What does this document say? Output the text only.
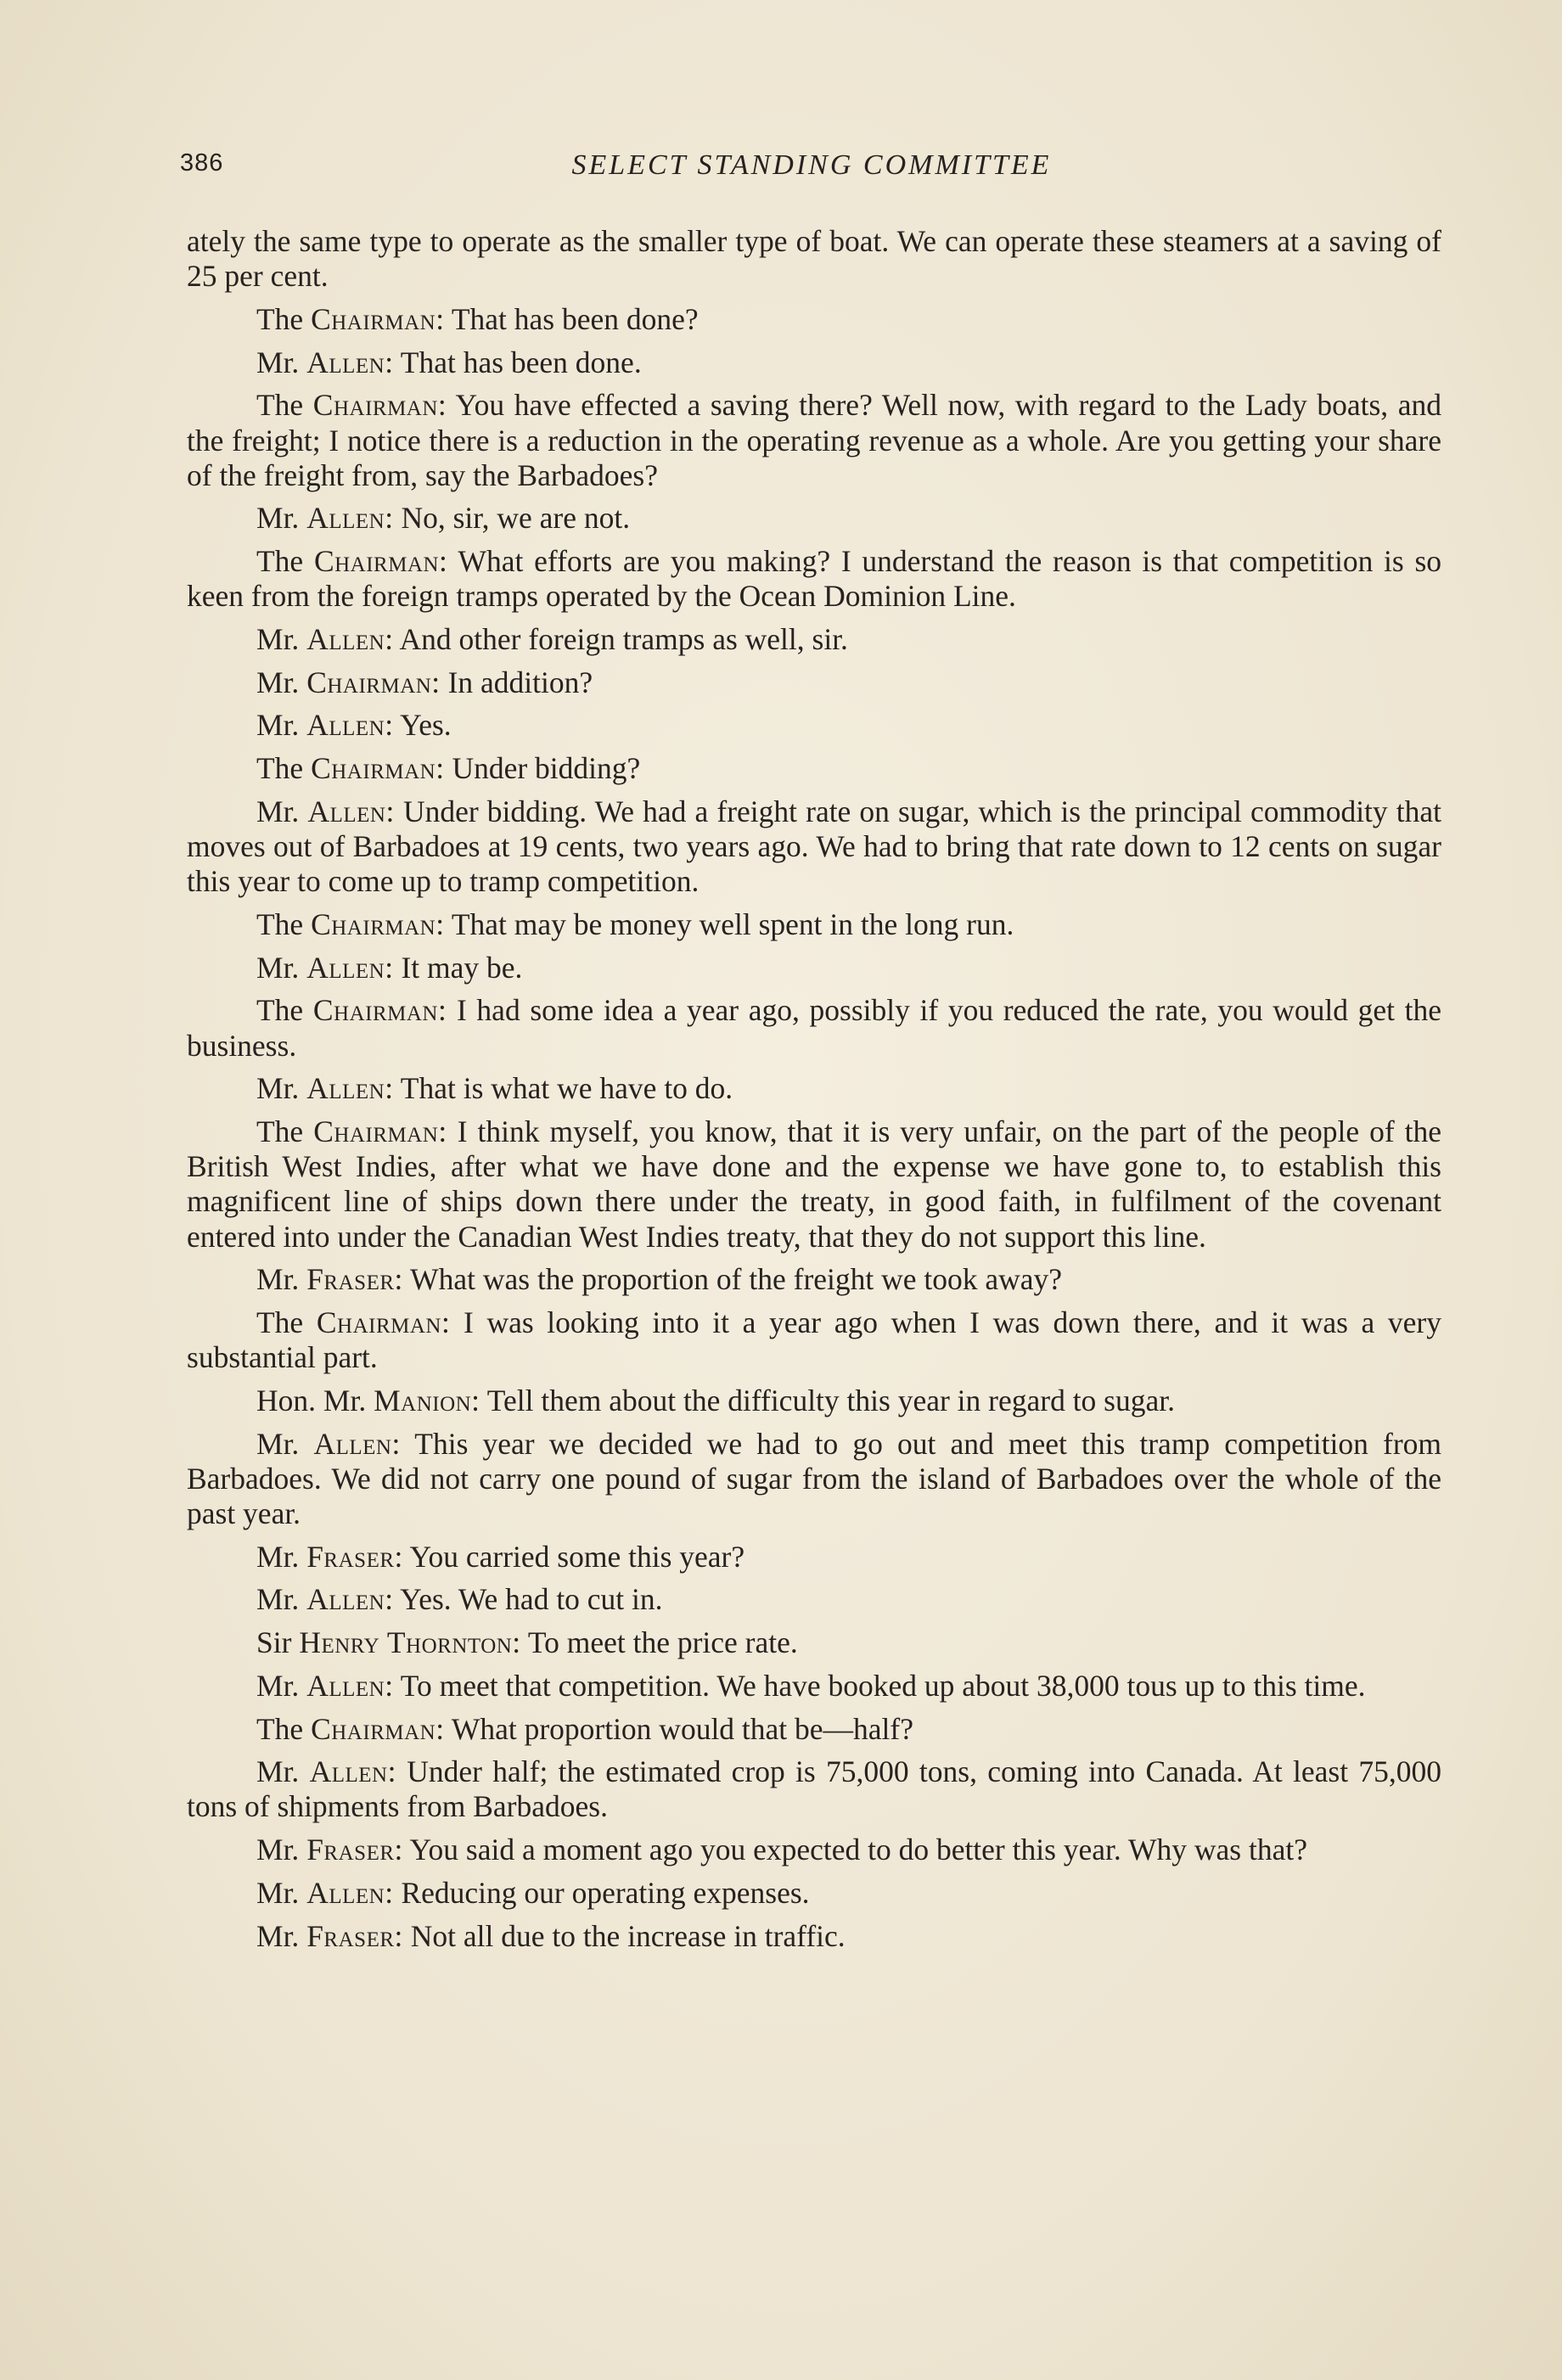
386	SELECT STANDING COMMITTEE

ately the same type to operate as the smaller type of boat. We can operate these steamers at a saving of 25 per cent.

The Chairman: That has been done?

Mr. Allen: That has been done.

The Chairman: You have effected a saving there? Well now, with regard to the Lady boats, and the freight; I notice there is a reduction in the operating revenue as a whole. Are you getting your share of the freight from, say the Barbadoes?

Mr. Allen: No, sir, we are not.

The Chairman: What efforts are you making? I understand the reason is that competition is so keen from the foreign tramps operated by the Ocean Dominion Line.

Mr. Allen: And other foreign tramps as well, sir.

Mr. Chairman: In addition?

Mr. Allen: Yes.

The Chairman: Under bidding?

Mr. Allen: Under bidding. We had a freight rate on sugar, which is the principal commodity that moves out of Barbadoes at 19 cents, two years ago. We had to bring that rate down to 12 cents on sugar this year to come up to tramp competition.

The Chairman: That may be money well spent in the long run.

Mr. Allen: It may be.

The Chairman: I had some idea a year ago, possibly if you reduced the rate, you would get the business.

Mr. Allen: That is what we have to do.

The Chairman: I think myself, you know, that it is very unfair, on the part of the people of the British West Indies, after what we have done and the expense we have gone to, to establish this magnificent line of ships down there under the treaty, in good faith, in fulfilment of the covenant entered into under the Canadian West Indies treaty, that they do not support this line.

Mr. Fraser: What was the proportion of the freight we took away?

The Chairman: I was looking into it a year ago when I was down there, and it was a very substantial part.

Hon. Mr. Manion: Tell them about the difficulty this year in regard to sugar.

Mr. Allen: This year we decided we had to go out and meet this tramp competition from Barbadoes. We did not carry one pound of sugar from the island of Barbadoes over the whole of the past year.

Mr. Fraser: You carried some this year?

Mr. Allen: Yes. We had to cut in.

Sir Henry Thornton: To meet the price rate.

Mr. Allen: To meet that competition. We have booked up about 38,000 tous up to this time.

The Chairman: What proportion would that be—half?

Mr. Allen: Under half; the estimated crop is 75,000 tons, coming into Canada. At least 75,000 tons of shipments from Barbadoes.

Mr. Fraser: You said a moment ago you expected to do better this year. Why was that?

Mr. Allen: Reducing our operating expenses.

Mr. Fraser: Not all due to the increase in traffic.
